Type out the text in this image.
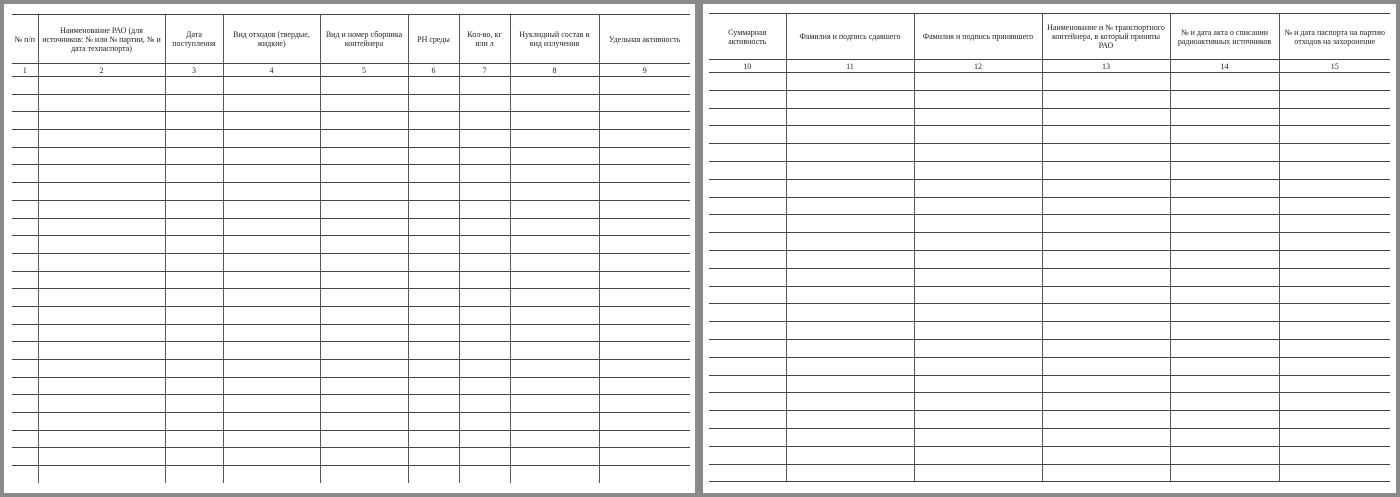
№ п/п	Наименование РАО (для источников: № или № партии, № и дата техпаспорта)	Дата поступления	Вид отходов (твердые, жидкие)	Вид и номер сборника контейнера	РН среды	Кол-во, кг или л	Нуклидный состав и вид излучения	Удельная активность
1	2	3	4	5	6	7	8	9

Суммарная активность	Фамилия и подпись сдавшего	Фамилия и подпись принявшего	Наименование и № транспортного контейнера, в который приняты РАО	№ и дата акта о списании радиоактивных источников	№ и дата паспорта на партию отходов на захоронение
10	11	12	13	14	15
